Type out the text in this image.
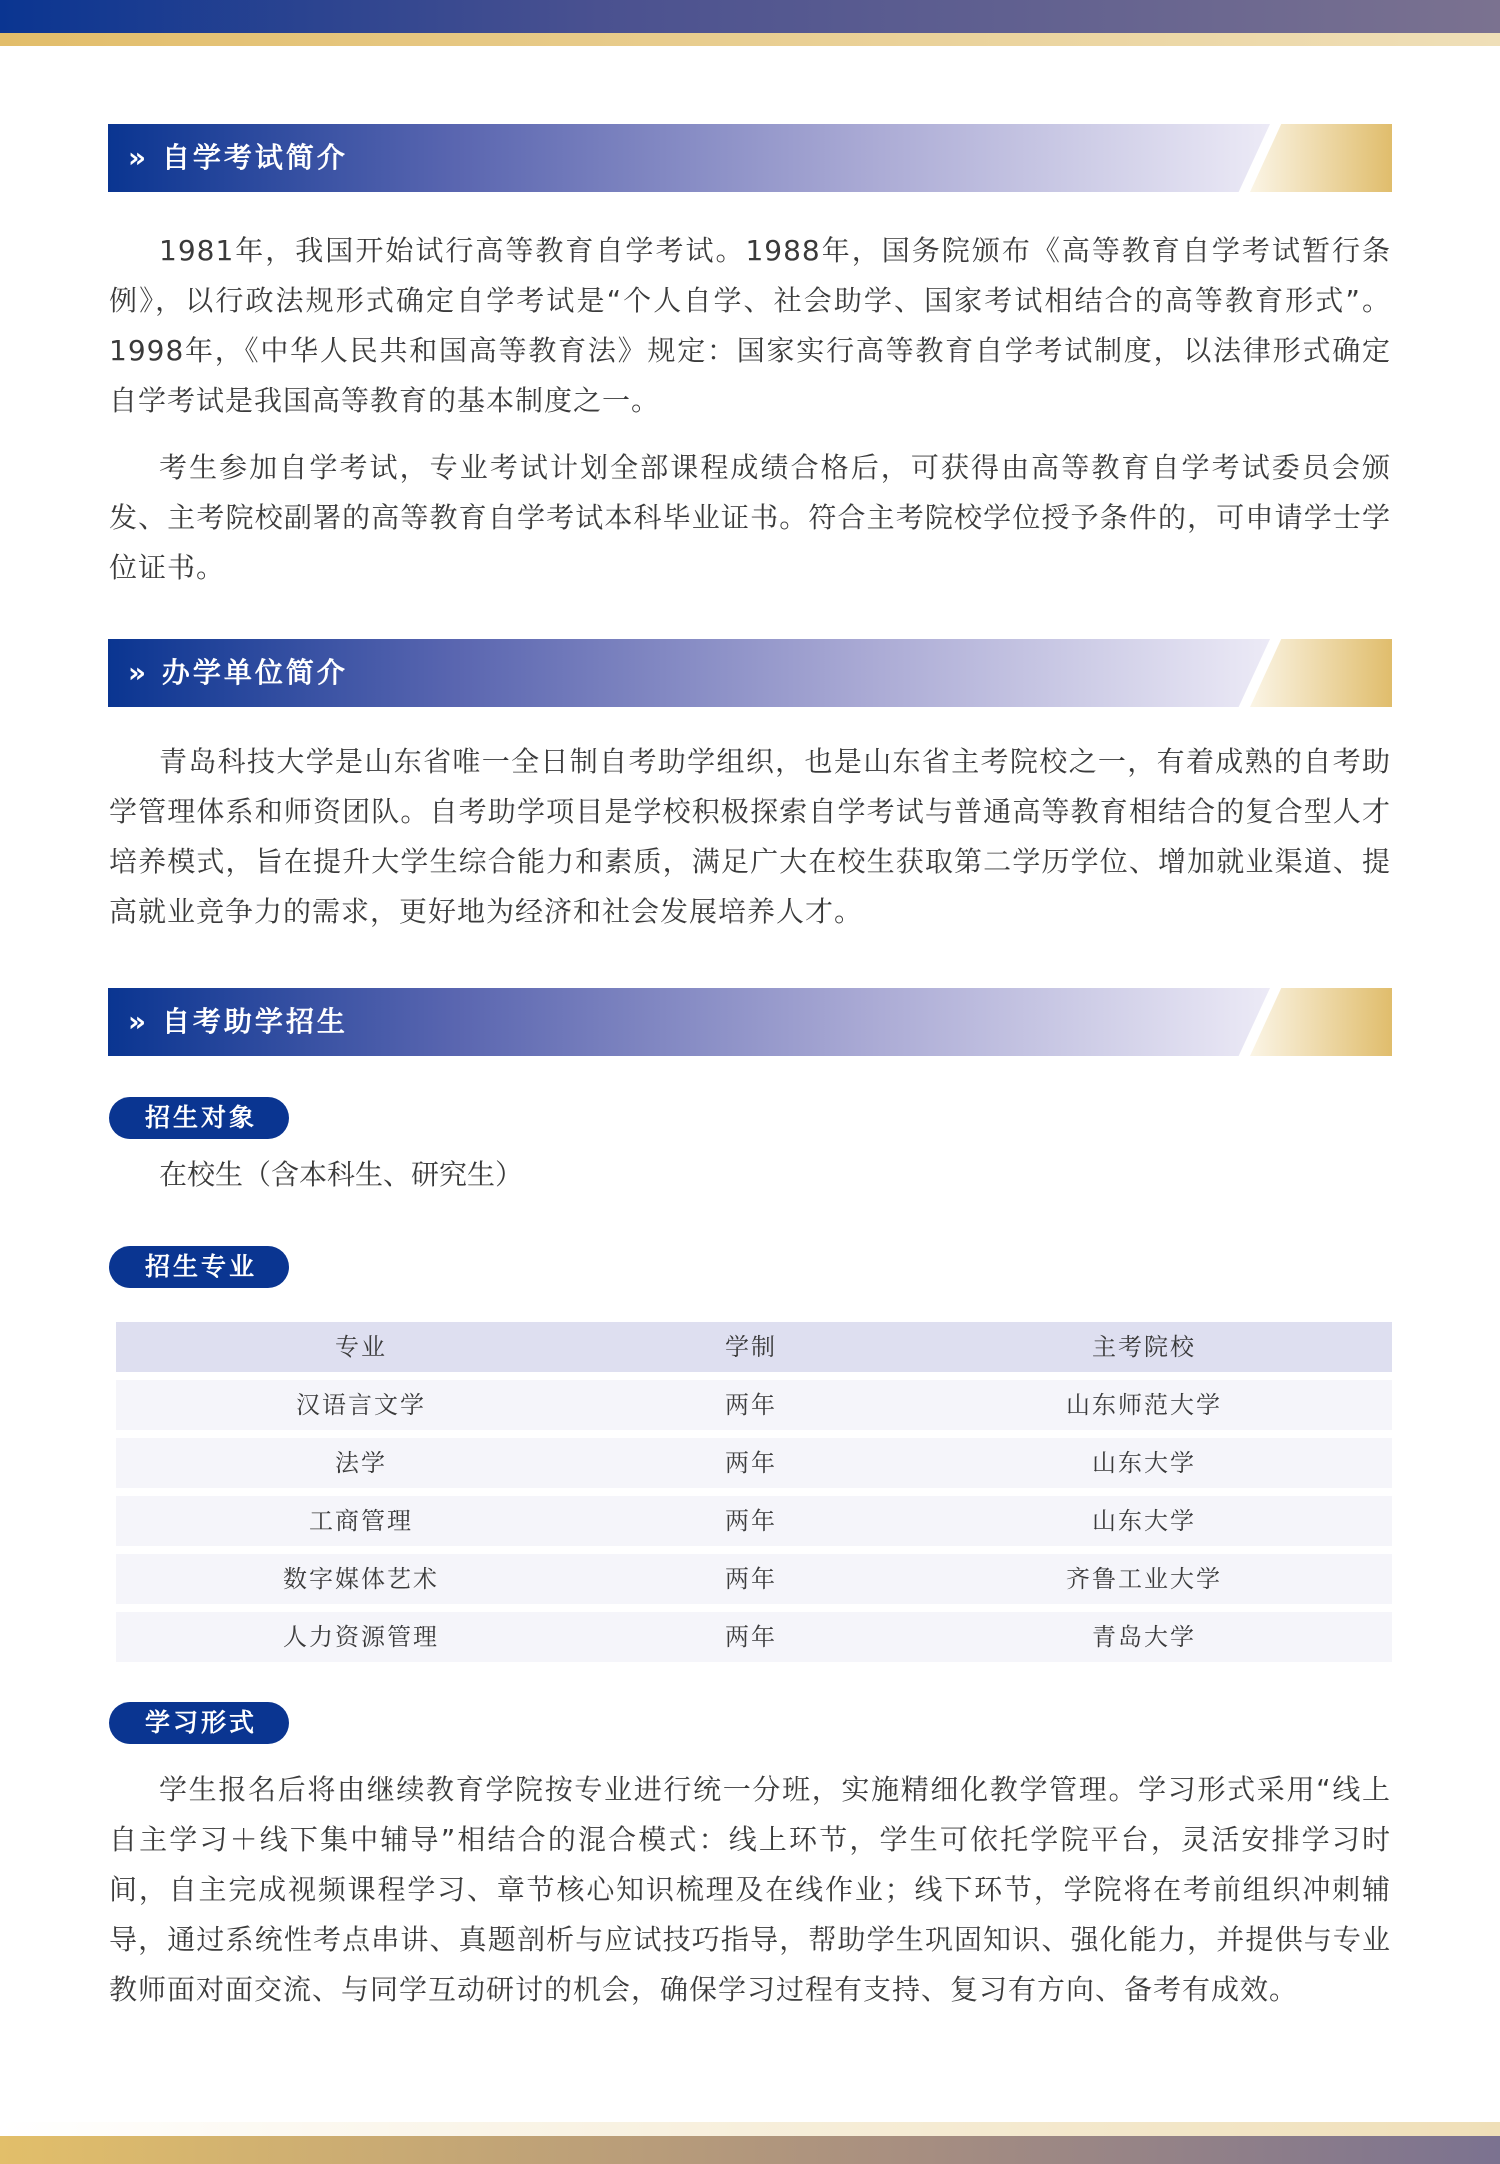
» 自学考试简介
1981年，我国开始试行高等教育自学考试。1988年，国务院颁布《高等教育自学考试暂行条
例》，以行政法规形式确定自学考试是“个人自学、社会助学、国家考试相结合的高等教育形式”。
1998年，《中华人民共和国高等教育法》规定：国家实行高等教育自学考试制度，以法律形式确定
自学考试是我国高等教育的基本制度之一。
考生参加自学考试，专业考试计划全部课程成绩合格后，可获得由高等教育自学考试委员会颁
发、主考院校副署的高等教育自学考试本科毕业证书。符合主考院校学位授予条件的，可申请学士学
位证书。
» 办学单位简介
青岛科技大学是山东省唯一全日制自考助学组织，也是山东省主考院校之一，有着成熟的自考助
学管理体系和师资团队。自考助学项目是学校积极探索自学考试与普通高等教育相结合的复合型人才
培养模式，旨在提升大学生综合能力和素质，满足广大在校生获取第二学历学位、增加就业渠道、提
高就业竞争力的需求，更好地为经济和社会发展培养人才。
» 自考助学招生
招生对象
在校生（含本科生、研究生）
招生专业
专业	学制	主考院校
汉语言文学	两年	山东师范大学
法学	两年	山东大学
工商管理	两年	山东大学
数字媒体艺术	两年	齐鲁工业大学
人力资源管理	两年	青岛大学
学习形式
学生报名后将由继续教育学院按专业进行统一分班，实施精细化教学管理。学习形式采用“线上
自主学习＋线下集中辅导”相结合的混合模式：线上环节，学生可依托学院平台，灵活安排学习时
间，自主完成视频课程学习、章节核心知识梳理及在线作业；线下环节，学院将在考前组织冲刺辅
导，通过系统性考点串讲、真题剖析与应试技巧指导，帮助学生巩固知识、强化能力，并提供与专业
教师面对面交流、与同学互动研讨的机会，确保学习过程有支持、复习有方向、备考有成效。
